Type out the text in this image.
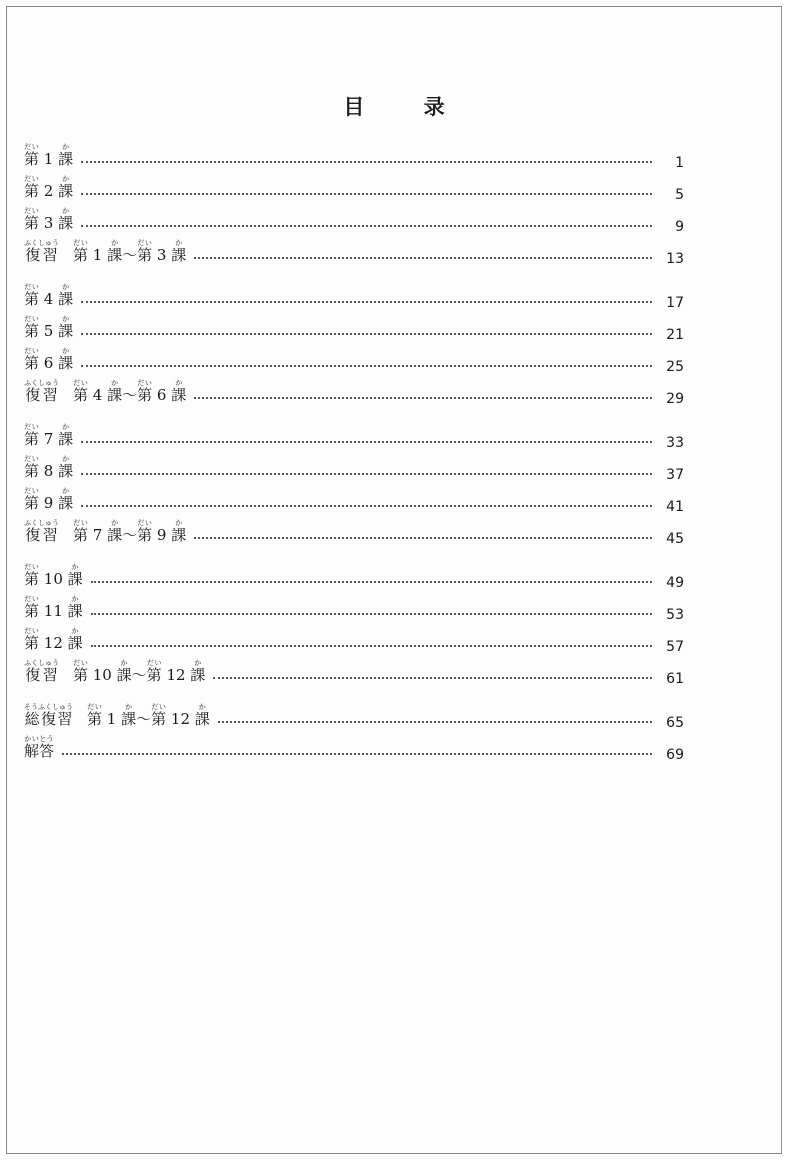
目 录
第だい 1 課か
1
第だい 2 課か
5
第だい 3 課か
9
復習ふくしゅう第だい 1 課か〜第だい 3 課か
13
第だい 4 課か
17
第だい 5 課か
21
第だい 6 課か
25
復習ふくしゅう第だい 4 課か〜第だい 6 課か
29
第だい 7 課か
33
第だい 8 課か
37
第だい 9 課か
41
復習ふくしゅう第だい 7 課か〜第だい 9 課か
45
第だい 10 課か
49
第だい 11 課か
53
第だい 12 課か
57
復習ふくしゅう第だい 10 課か〜第だい 12 課か
61
総復習そうふくしゅう第だい 1 課か〜第だい 12 課か
65
解答かいとう
69
